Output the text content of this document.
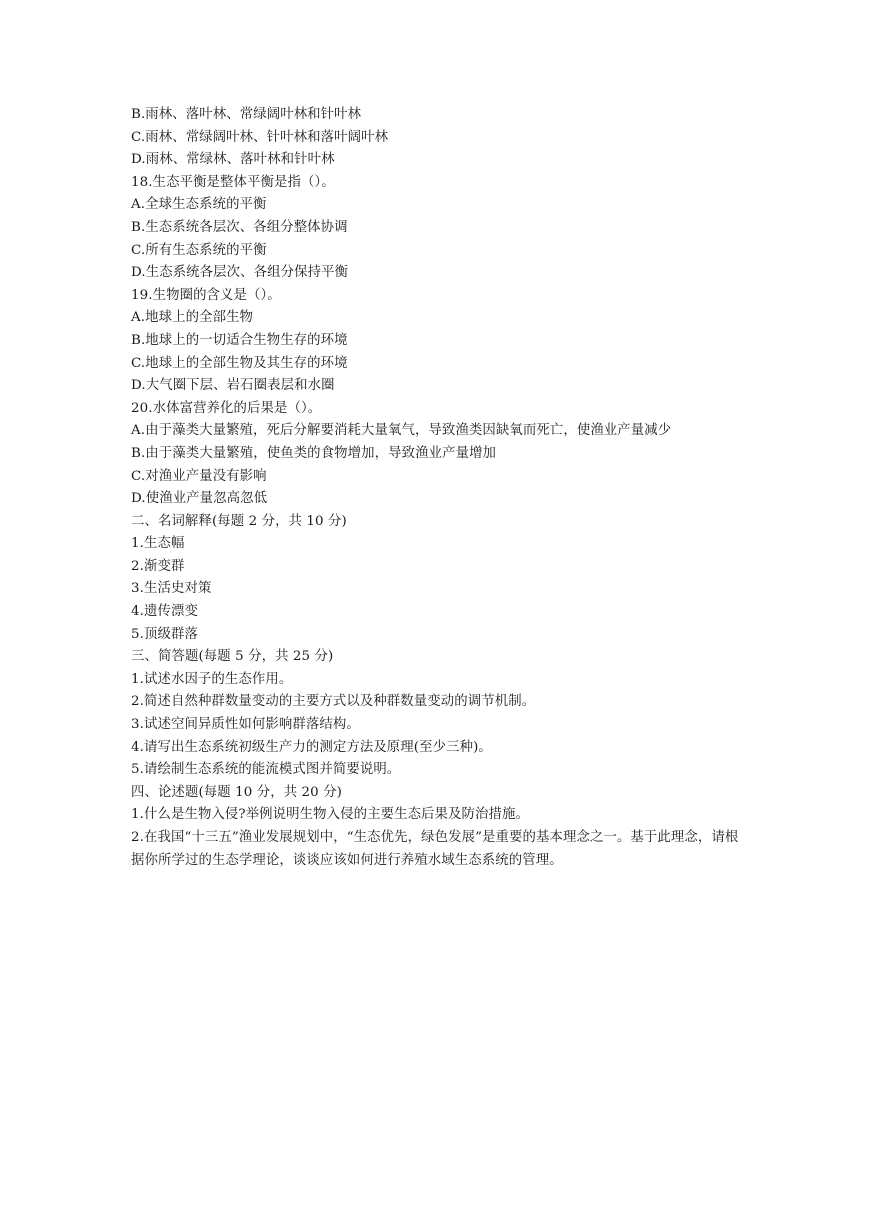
B.雨林、落叶林、常绿阔叶林和针叶林
C.雨林、常绿阔叶林、针叶林和落叶阔叶林
D.雨林、常绿林、落叶林和针叶林
18.生态平衡是整体平衡是指（）。
A.全球生态系统的平衡
B.生态系统各层次、各组分整体协调
C.所有生态系统的平衡
D.生态系统各层次、各组分保持平衡
19.生物圈的含义是（）。
A.地球上的全部生物
B.地球上的一切适合生物生存的环境
C.地球上的全部生物及其生存的环境
D.大气圈下层、岩石圈表层和水圈
20.水体富营养化的后果是（）。
A.由于藻类大量繁殖，死后分解要消耗大量氧气，导致渔类因缺氧而死亡，使渔业产量减少
B.由于藻类大量繁殖，使鱼类的食物增加，导致渔业产量增加
C.对渔业产量没有影响
D.使渔业产量忽高忽低
二、名词解释(每题 2 分，共 10 分)
1.生态幅
2.渐变群
3.生活史对策
4.遗传漂变
5.顶级群落
三、简答题(每题 5 分，共 25 分)
1.试述水因子的生态作用。
2.简述自然种群数量变动的主要方式以及种群数量变动的调节机制。
3.试述空间异质性如何影响群落结构。
4.请写出生态系统初级生产力的测定方法及原理(至少三种)。
5.请绘制生态系统的能流模式图并简要说明。
四、论述题(每题 10 分，共 20 分)
1.什么是生物入侵?举例说明生物入侵的主要生态后果及防治措施。
2.在我国“十三五”渔业发展规划中，“生态优先，绿色发展”是重要的基本理念之一。基于此理念，请根据你所学过的生态学理论，谈谈应该如何进行养殖水域生态系统的管理。
